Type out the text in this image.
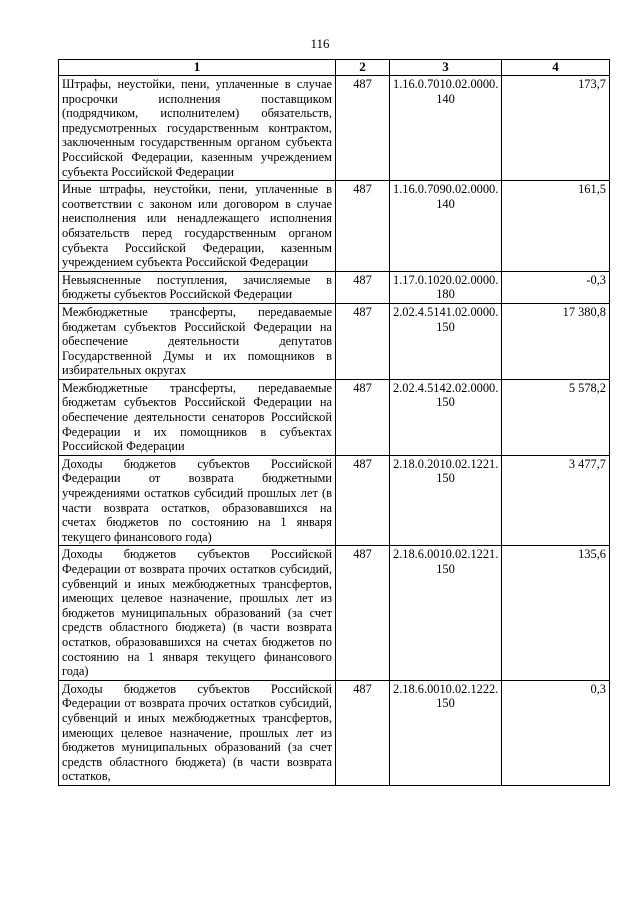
116
1	2	3	4
Штрафы, неустойки, пени, уплаченные в случае просрочки исполнения поставщиком (подрядчиком, исполнителем) обязательств, предусмотренных государственным контрактом, заключенным государственным органом субъекта Российской Федерации, казенным учреждением субъекта Российской Федерации	487	1.16.0.7010.02.0000. 140	173,7
Иные штрафы, неустойки, пени, уплаченные в соответствии с законом или договором в случае неисполнения или ненадлежащего исполнения обязательств перед государственным органом субъекта Российской Федерации, казенным учреждением субъекта Российской Федерации	487	1.16.0.7090.02.0000. 140	161,5
Невыясненные поступления, зачисляемые в бюджеты субъектов Российской Федерации	487	1.17.0.1020.02.0000. 180	-0,3
Межбюджетные трансферты, передаваемые бюджетам субъектов Российской Федерации на обеспечение деятельности депутатов Государственной Думы и их помощников в избирательных округах	487	2.02.4.5141.02.0000. 150	17 380,8
Межбюджетные трансферты, передаваемые бюджетам субъектов Российской Федерации на обеспечение деятельности сенаторов Российской Федерации и их помощников в субъектах Российской Федерации	487	2.02.4.5142.02.0000. 150	5 578,2
Доходы бюджетов субъектов Российской Федерации от возврата бюджетными учреждениями остатков субсидий прошлых лет (в части возврата остатков, образовавшихся на счетах бюджетов по состоянию на 1 января текущего финансового года)	487	2.18.0.2010.02.1221. 150	3 477,7
Доходы бюджетов субъектов Российской Федерации от возврата прочих остатков субсидий, субвенций и иных межбюджетных трансфертов, имеющих целевое назначение, прошлых лет из бюджетов муниципальных образований (за счет средств областного бюджета) (в части возврата остатков, образовавшихся на счетах бюджетов по состоянию на 1 января текущего финансового года)	487	2.18.6.0010.02.1221. 150	135,6
Доходы бюджетов субъектов Российской Федерации от возврата прочих остатков субсидий, субвенций и иных межбюджетных трансфертов, имеющих целевое назначение, прошлых лет из бюджетов муниципальных образований (за счет средств областного бюджета) (в части возврата остатков,	487	2.18.6.0010.02.1222. 150	0,3
